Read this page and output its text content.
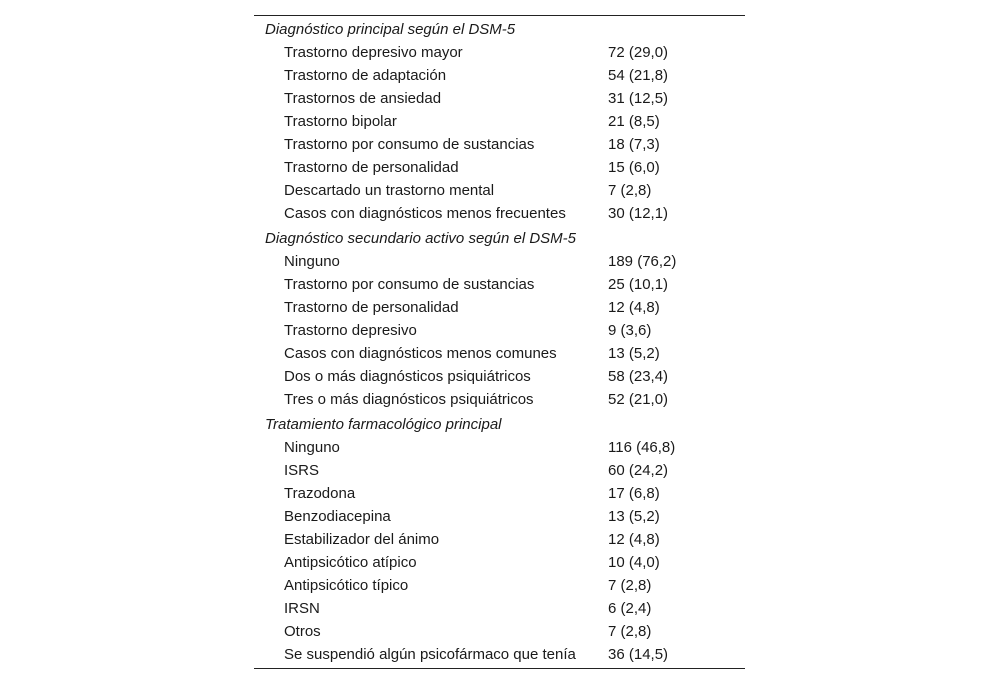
Diagnóstico principal según el DSM-5
Trastorno depresivo mayor	72 (29,0)
Trastorno de adaptación	54 (21,8)
Trastornos de ansiedad	31 (12,5)
Trastorno bipolar	21 (8,5)
Trastorno por consumo de sustancias	18 (7,3)
Trastorno de personalidad	15 (6,0)
Descartado un trastorno mental	7 (2,8)
Casos con diagnósticos menos frecuentes	30 (12,1)
Diagnóstico secundario activo según el DSM-5
Ninguno	189 (76,2)
Trastorno por consumo de sustancias	25 (10,1)
Trastorno de personalidad	12 (4,8)
Trastorno depresivo	9 (3,6)
Casos con diagnósticos menos comunes	13 (5,2)
Dos o más diagnósticos psiquiátricos	58 (23,4)
Tres o más diagnósticos psiquiátricos	52 (21,0)
Tratamiento farmacológico principal
Ninguno	116 (46,8)
ISRS	60 (24,2)
Trazodona	17 (6,8)
Benzodiacepina	13 (5,2)
Estabilizador del ánimo	12 (4,8)
Antipsicótico atípico	10 (4,0)
Antipsicótico típico	7 (2,8)
IRSN	6 (2,4)
Otros	7 (2,8)
Se suspendió algún psicofármaco que tenía	36 (14,5)
